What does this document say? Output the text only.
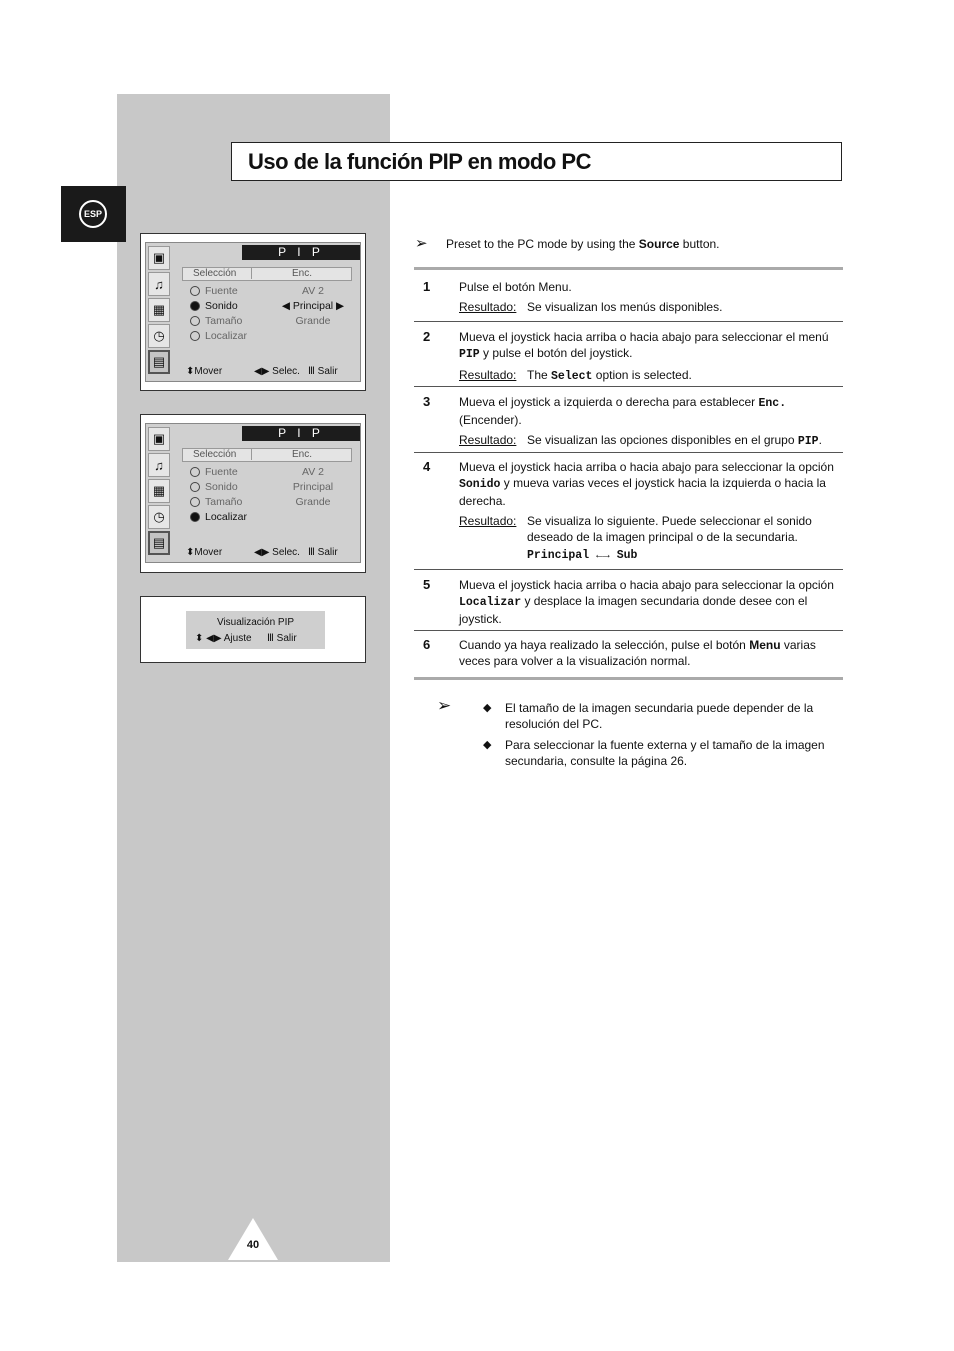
ESP
Uso de la función PIP en modo PC
▣
♫
▦
◷
▤
P I P
Selección	Enc.
Fuente	AV 2
Sonido	◀ Principal ▶
Tamaño	Grande
Localizar
⬍Mover	◀▶ Selec. Ⅲ Salir
▣
♫
▦
◷
▤
P I P
Selección	Enc.
Fuente	AV 2
Sonido	Principal
Tamaño	Grande
Localizar
⬍Mover	◀▶ Selec. Ⅲ Salir
Visualización PIP
⬍ ◀▶ Ajuste Ⅲ Salir
➢ Preset to the PC mode by using the Source button.
1 Pulse el botón Menu.
Resultado: Se visualizan los menús disponibles.
2 Mueva el joystick hacia arriba o hacia abajo para seleccionar el menú PIP y pulse el botón del joystick.
Resultado: The Select option is selected.
3 Mueva el joystick a izquierda o derecha para establecer Enc. (Encender).
Resultado: Se visualizan las opciones disponibles en el grupo PIP.
4 Mueva el joystick hacia arriba o hacia abajo para seleccionar la opción Sonido y mueva varias veces el joystick hacia la izquierda o hacia la derecha.
Resultado: Se visualiza lo siguiente. Puede seleccionar el sonido deseado de la imagen principal o de la secundaria.
Principal ←→ Sub
5 Mueva el joystick hacia arriba o hacia abajo para seleccionar la opción Localizar y desplace la imagen secundaria donde desee con el joystick.
6 Cuando ya haya realizado la selección, pulse el botón Menu varias veces para volver a la visualización normal.
➢	◆ El tamaño de la imagen secundaria puede depender de la resolución del PC.
◆ Para seleccionar la fuente externa y el tamaño de la imagen secundaria, consulte la página 26.
40
